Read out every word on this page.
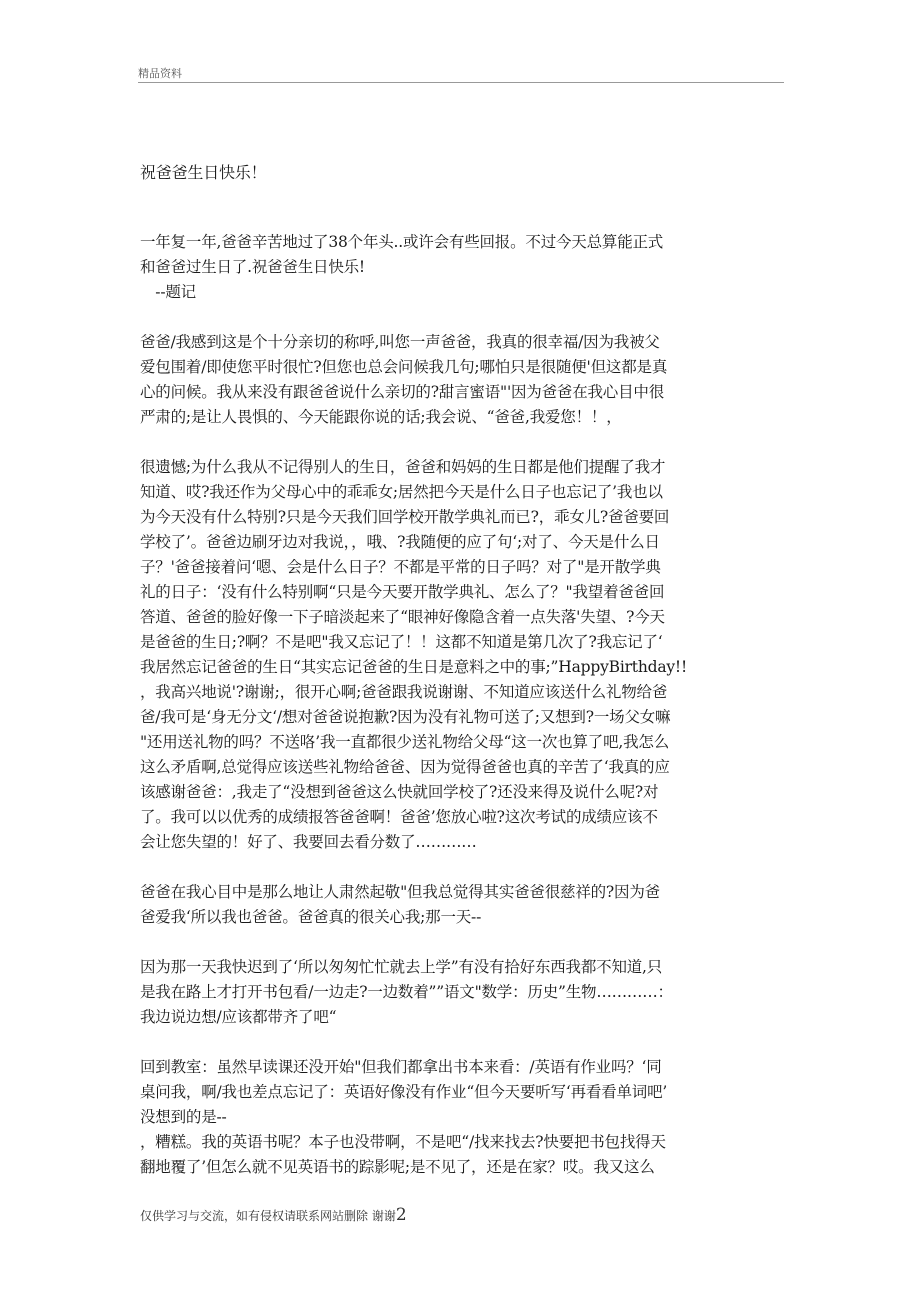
精品资料
祝爸爸生日快乐！
一年复一年,爸爸辛苦地过了38个年头..或许会有些回报。不过今天总算能正式
和爸爸过生日了.祝爸爸生日快乐!
　--题记
爸爸/我感到这是个十分亲切的称呼,叫您一声爸爸，我真的很幸福/因为我被父
爱包围着/即使您平时很忙?但您也总会问候我几句;哪怕只是很随便'但这都是真
心的问候。我从来没有跟爸爸说什么亲切的?甜言蜜语"'因为爸爸在我心目中很
严肃的;是让人畏惧的、今天能跟你说的话;我会说、“爸爸,我爱您！！，
很遗憾;为什么我从不记得别人的生日，爸爸和妈妈的生日都是他们提醒了我才
知道、哎?我还作为父母心中的乖乖女;居然把今天是什么日子也忘记了’我也以
为今天没有什么特别?只是今天我们回学校开散学典礼而已?，乖女儿?爸爸要回
学校了’。爸爸边刷牙边对我说，，哦、?我随便的应了句‘;对了、今天是什么日
子？'爸爸接着问‘嗯、会是什么日子？不都是平常的日子吗？对了"是开散学典
礼的日子：‘没有什么特别啊“只是今天要开散学典礼、怎么了？"我望着爸爸回
答道、爸爸的脸好像一下子暗淡起来了“眼神好像隐含着一点失落'失望、?今天
是爸爸的生日;?啊？不是吧"我又忘记了！！这都不知道是第几次了?我忘记了‘
我居然忘记爸爸的生日“其实忘记爸爸的生日是意料之中的事;”HappyBirthday!!
，我高兴地说'?谢谢;，很开心啊;爸爸跟我说谢谢、不知道应该送什么礼物给爸
爸/我可是‘身无分文‘/想对爸爸说抱歉?因为没有礼物可送了;又想到?一场父女嘛
"还用送礼物的吗？不送咯’我一直都很少送礼物给父母“这一次也算了吧,我怎么
这么矛盾啊,总觉得应该送些礼物给爸爸、因为觉得爸爸也真的辛苦了‘我真的应
该感谢爸爸：,我走了“没想到爸爸这么快就回学校了?还没来得及说什么呢?对
了。我可以以优秀的成绩报答爸爸啊！爸爸’您放心啦?这次考试的成绩应该不
会让您失望的！好了、我要回去看分数了…………
爸爸在我心目中是那么地让人肃然起敬"但我总觉得其实爸爸很慈祥的?因为爸
爸爱我‘所以我也爸爸。爸爸真的很关心我;那一天--
因为那一天我快迟到了‘所以匆匆忙忙就去上学”有没有拾好东西我都不知道,只
是我在路上才打开书包看/一边走?一边数着””语文"数学：历史”生物…………：
我边说边想/应该都带齐了吧“
回到教室：虽然早读课还没开始"但我们都拿出书本来看：/英语有作业吗？‘同
桌问我，啊/我也差点忘记了：英语好像没有作业“但今天要听写‘再看看单词吧’
没想到的是--
，糟糕。我的英语书呢？本子也没带啊，不是吧“/找来找去?快要把书包找得天
翻地覆了’但怎么就不见英语书的踪影呢;是不见了，还是在家？哎。我又这么
仅供学习与交流，如有侵权请联系网站删除 谢谢2
